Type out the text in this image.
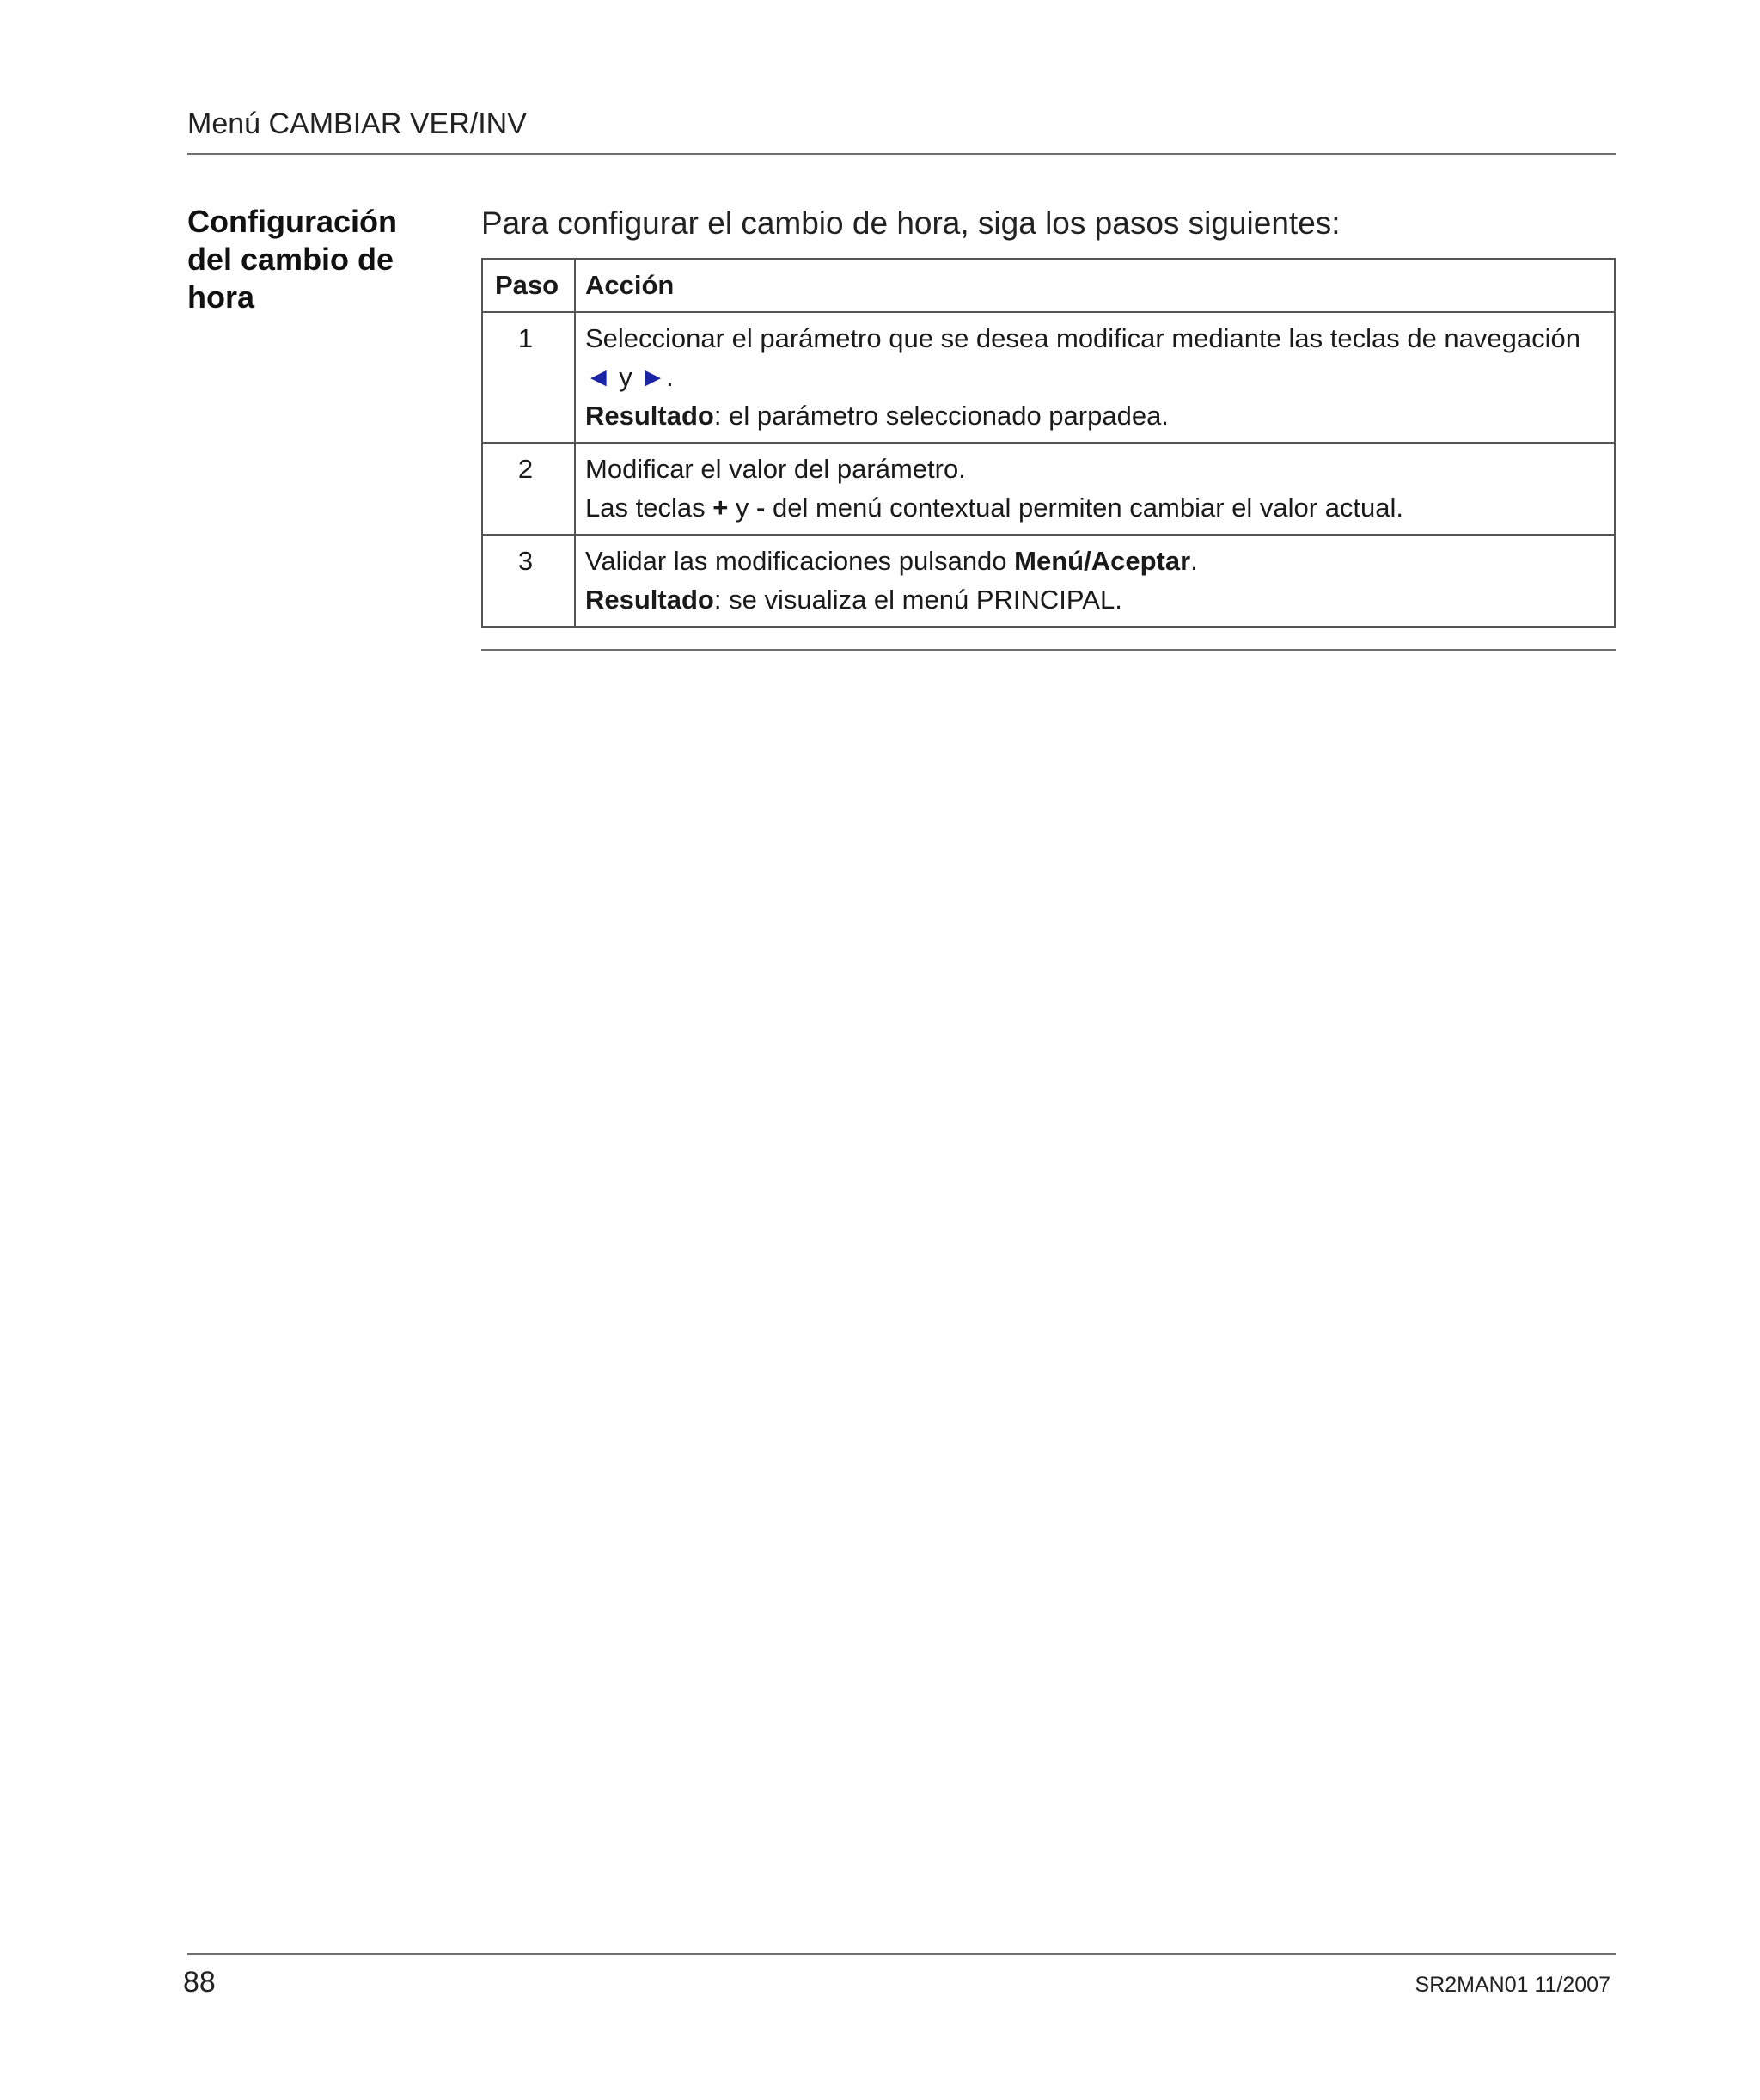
Menú CAMBIAR VER/INV
Configuración del cambio de hora
Para configurar el cambio de hora, siga los pasos siguientes:
Paso	Acción
1	Seleccionar el parámetro que se desea modificar mediante las teclas de navegación
◄ y ►.
Resultado: el parámetro seleccionado parpadea.

2	Modificar el valor del parámetro.
Las teclas + y - del menú contextual permiten cambiar el valor actual.

3	Validar las modificaciones pulsando Menú/Aceptar.
Resultado: se visualiza el menú PRINCIPAL.
88	SR2MAN01 11/2007
